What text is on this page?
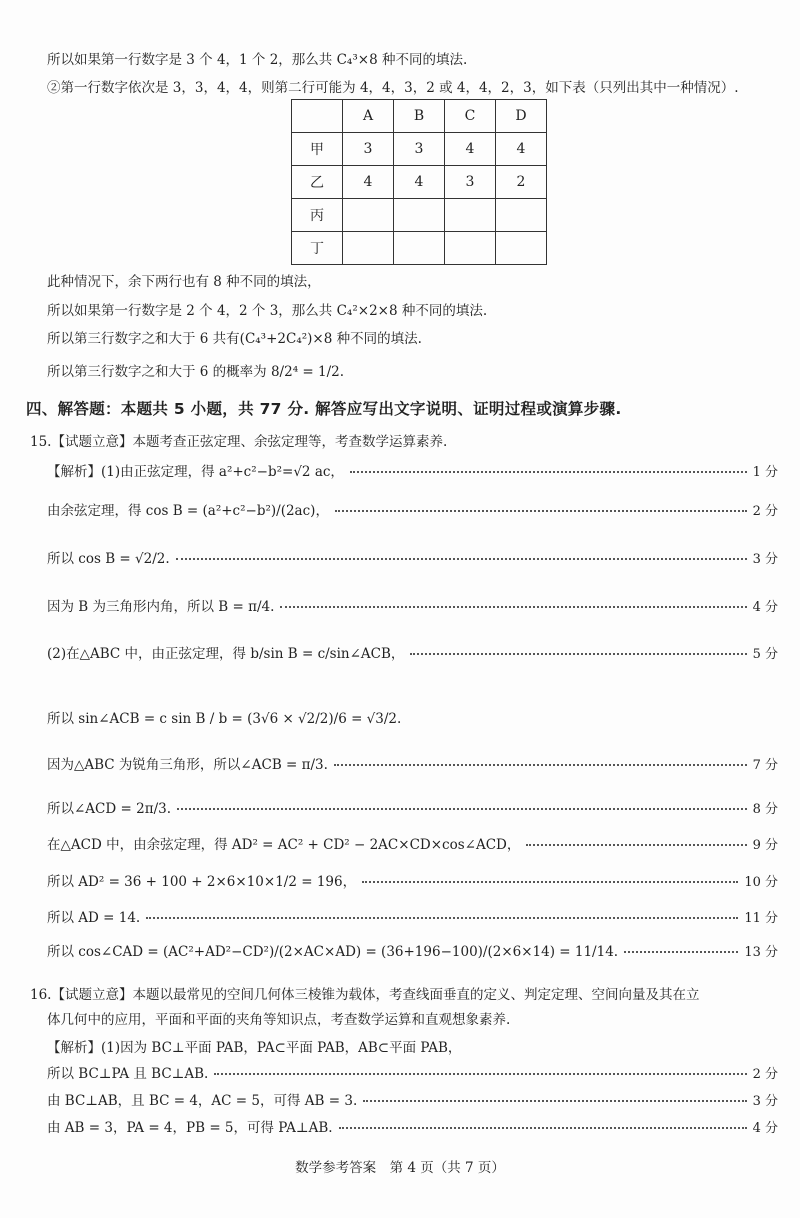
所以如果第一行数字是 3 个 4，1 个 2，那么共 C₄³×8 种不同的填法.
②第一行数字依次是 3，3，4，4，则第二行可能为 4，4，3，2 或 4，4，2，3，如下表（只列出其中一种情况）.
	A	B	C	D
甲	3	3	4	4
乙	4	4	3	2
丙				
丁				
此种情况下，余下两行也有 8 种不同的填法，
所以如果第一行数字是 2 个 4，2 个 3，那么共 C₄²×2×8 种不同的填法.
所以第三行数字之和大于 6 共有(C₄³+2C₄²)×8 种不同的填法.
所以第三行数字之和大于 6 的概率为 8/2⁴ = 1/2.
四、解答题：本题共 5 小题，共 77 分. 解答应写出文字说明、证明过程或演算步骤.
15.【试题立意】本题考查正弦定理、余弦定理等，考查数学运算素养.
【解析】(1)由正弦定理，得 a²+c²−b²=√2 ac，	1 分
由余弦定理，得 cos B = (a²+c²−b²)/(2ac)，	2 分
所以 cos B = √2/2.	3 分
因为 B 为三角形内角，所以 B = π/4.	4 分
(2)在△ABC 中，由正弦定理，得 b/sin B = c/sin∠ACB，	5 分
所以 sin∠ACB = c sin B / b = (3√6 × √2/2)/6 = √3/2.
因为△ABC 为锐角三角形，所以∠ACB = π/3.	7 分
所以∠ACD = 2π/3.	8 分
在△ACD 中，由余弦定理，得 AD² = AC² + CD² − 2AC×CD×cos∠ACD，	9 分
所以 AD² = 36 + 100 + 2×6×10×1/2 = 196，	10 分
所以 AD = 14.	11 分
所以 cos∠CAD = (AC²+AD²−CD²)/(2×AC×AD) = (36+196−100)/(2×6×14) = 11/14.	13 分
16.【试题立意】本题以最常见的空间几何体三棱锥为载体，考查线面垂直的定义、判定定理、空间向量及其在立
体几何中的应用，平面和平面的夹角等知识点，考查数学运算和直观想象素养.
【解析】(1)因为 BC⊥平面 PAB，PA⊂平面 PAB，AB⊂平面 PAB，
所以 BC⊥PA 且 BC⊥AB.	2 分
由 BC⊥AB，且 BC = 4，AC = 5，可得 AB = 3.	3 分
由 AB = 3，PA = 4，PB = 5，可得 PA⊥AB.	4 分
数学参考答案　第 4 页（共 7 页）
